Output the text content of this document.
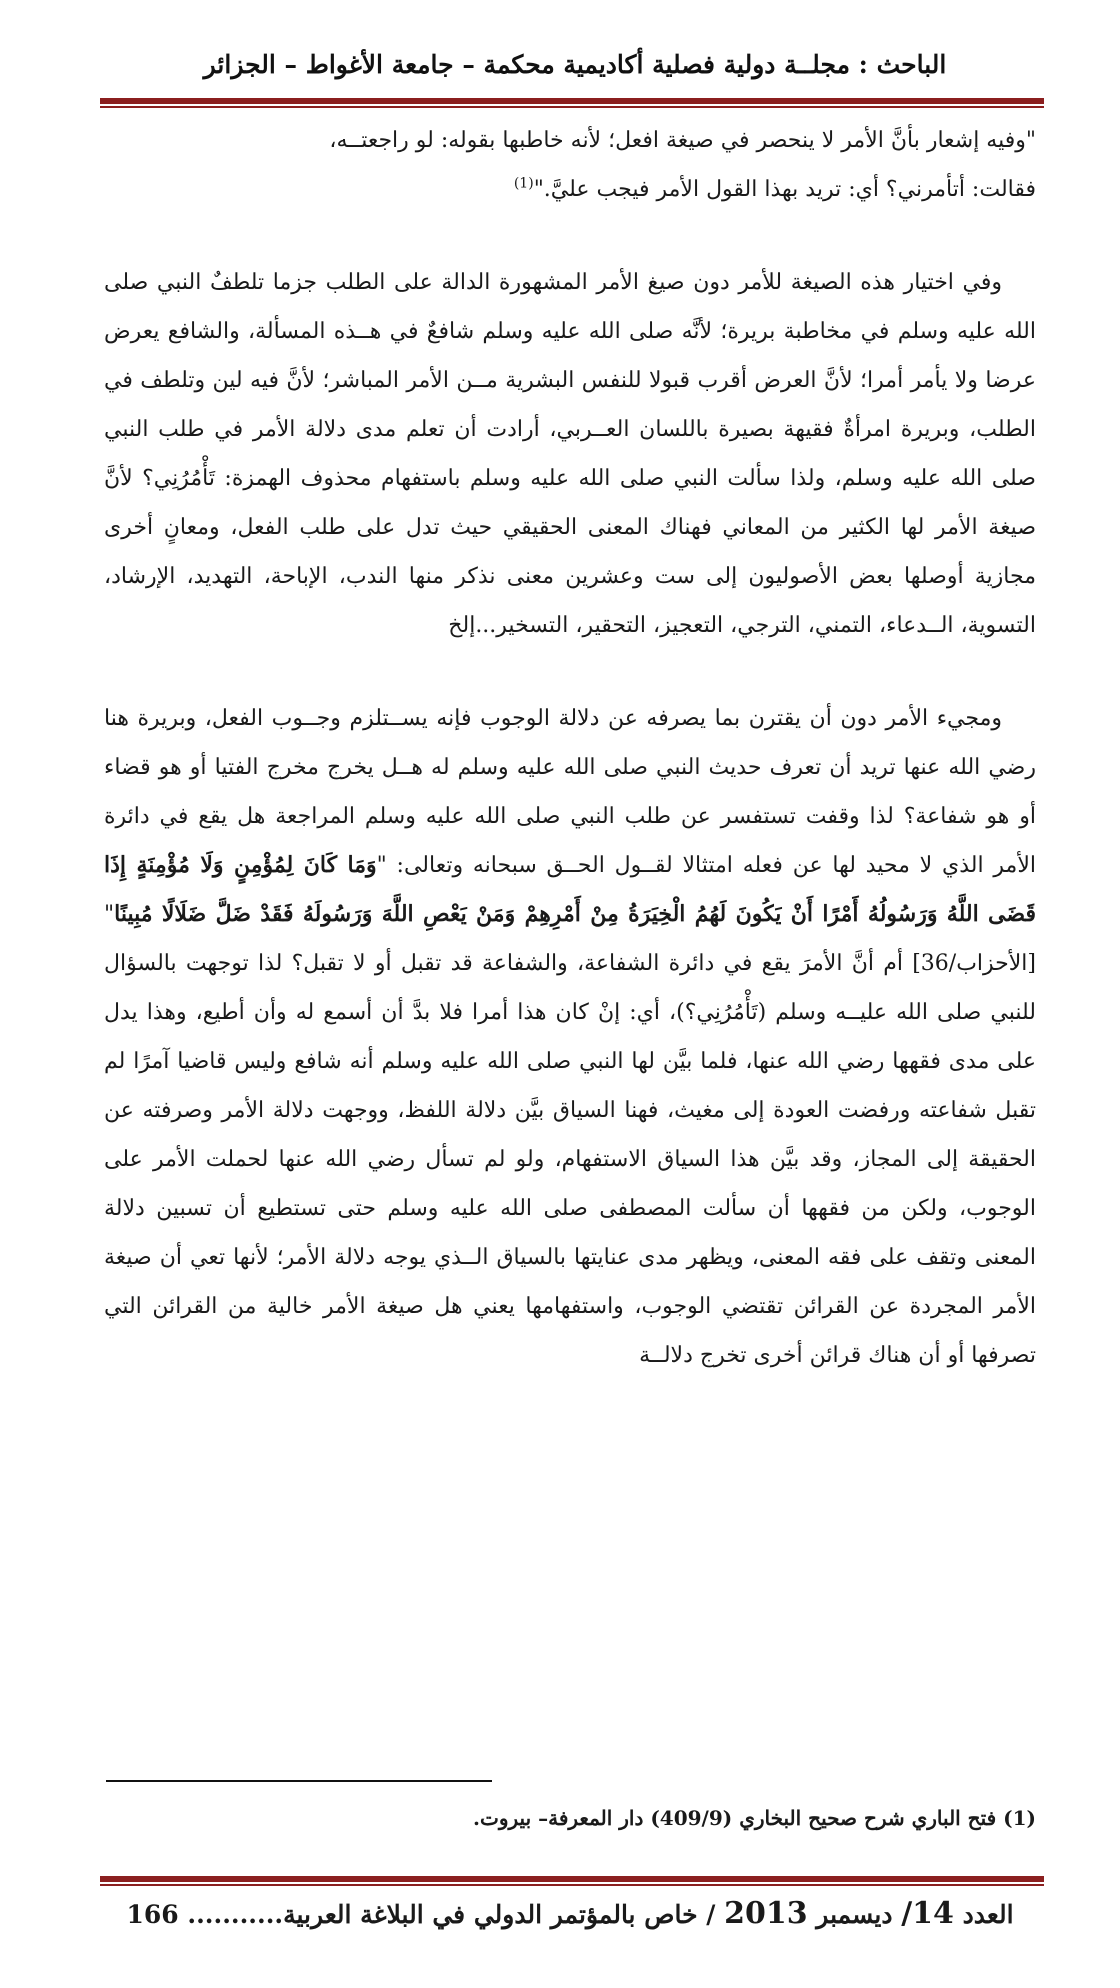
الباحث : مجلــة دولية فصلية أكاديمية محكمة – جامعة الأغواط – الجزائر

"وفيه إشعار بأنَّ الأمر لا ينحصر في صيغة افعل؛ لأنه خاطبها بقوله: لو راجعتــه،

فقالت: أتأمرني؟ أي: تريد بهذا القول الأمر فيجب عليَّ."$^{(1)}$

وفي اختيار هذه الصيغة للأمر دون صيغ الأمر المشهورة الدالة على الطلب جزما تلطفٌ النبي صلى الله عليه وسلم في مخاطبة بريرة؛ لأنَّه صلى الله عليه وسلم شافعٌ في هــذه المسألة، والشافع يعرض عرضا ولا يأمر أمرا؛ لأنَّ العرض أقرب قبولا للنفس البشرية مــن الأمر المباشر؛ لأنَّ فيه لين وتلطف في الطلب، وبريرة امرأةٌ فقيهة بصيرة باللسان العــربي، أرادت أن تعلم مدى دلالة الأمر في طلب النبي صلى الله عليه وسلم، ولذا سألت النبي صلى الله عليه وسلم باستفهام محذوف الهمزة: تَأْمُرُنِي؟ لأنَّ صيغة الأمر لها الكثير من المعاني فهناك المعنى الحقيقي حيث تدل على طلب الفعل، ومعانٍ أخرى مجازية أوصلها بعض الأصوليون إلى ست وعشرين معنى نذكر منها الندب، الإباحة، التهديد، الإرشاد، التسوية، الــدعاء، التمني، الترجي، التعجيز، التحقير، التسخير...إلخ

ومجيء الأمر دون أن يقترن بما يصرفه عن دلالة الوجوب فإنه يســتلزم وجــوب الفعل، وبريرة هنا رضي الله عنها تريد أن تعرف حديث النبي صلى الله عليه وسلم له هــل يخرج مخرج الفتيا أو هو قضاء أو هو شفاعة؟ لذا وقفت تستفسر عن طلب النبي صلى الله عليه وسلم المراجعة هل يقع في دائرة الأمر الذي لا محيد لها عن فعله امتثالا لقــول الحــق سبحانه وتعالى: "وَمَا كَانَ لِمُؤْمِنٍ وَلَا مُؤْمِنَةٍ إِذَا قَضَى اللَّهُ وَرَسُولُهُ أَمْرًا أَنْ يَكُونَ لَهُمُ الْخِيَرَةُ مِنْ أَمْرِهِمْ وَمَنْ يَعْصِ اللَّهَ وَرَسُولَهُ فَقَدْ ضَلَّ ضَلَالًا مُبِينًا" [الأحزاب/36] أم أنَّ الأمرَ يقع في دائرة الشفاعة، والشفاعة قد تقبل أو لا تقبل؟ لذا توجهت بالسؤال للنبي صلى الله عليــه وسلم (تَأْمُرُنِي؟)، أي: إنْ كان هذا أمرا فلا بدَّ أن أسمع له وأن أطيع، وهذا يدل على مدى فقهها رضي الله عنها، فلما بيَّن لها النبي صلى الله عليه وسلم أنه شافع وليس قاضيا آمرًا لم تقبل شفاعته ورفضت العودة إلى مغيث، فهنا السياق بيَّن دلالة اللفظ، ووجهت دلالة الأمر وصرفته عن الحقيقة إلى المجاز، وقد بيَّن هذا السياق الاستفهام، ولو لم تسأل رضي الله عنها لحملت الأمر على الوجوب، ولكن من فقهها أن سألت المصطفى صلى الله عليه وسلم حتى تستطيع أن تسبين دلالة المعنى وتقف على فقه المعنى، ويظهر مدى عنايتها بالسياق الــذي يوجه دلالة الأمر؛ لأنها تعي أن صيغة الأمر المجردة عن القرائن تقتضي الوجوب، واستفهامها يعني هل صيغة الأمر خالية من القرائن التي تصرفها أو أن هناك قرائن أخرى تخرج دلالــة

(1) فتح الباري شرح صحيح البخاري (409/9) دار المعرفة– بيروت.
العدد 14/ ديسمبر 2013 / خاص بالمؤتمر الدولي في البلاغة العربية........... 166
